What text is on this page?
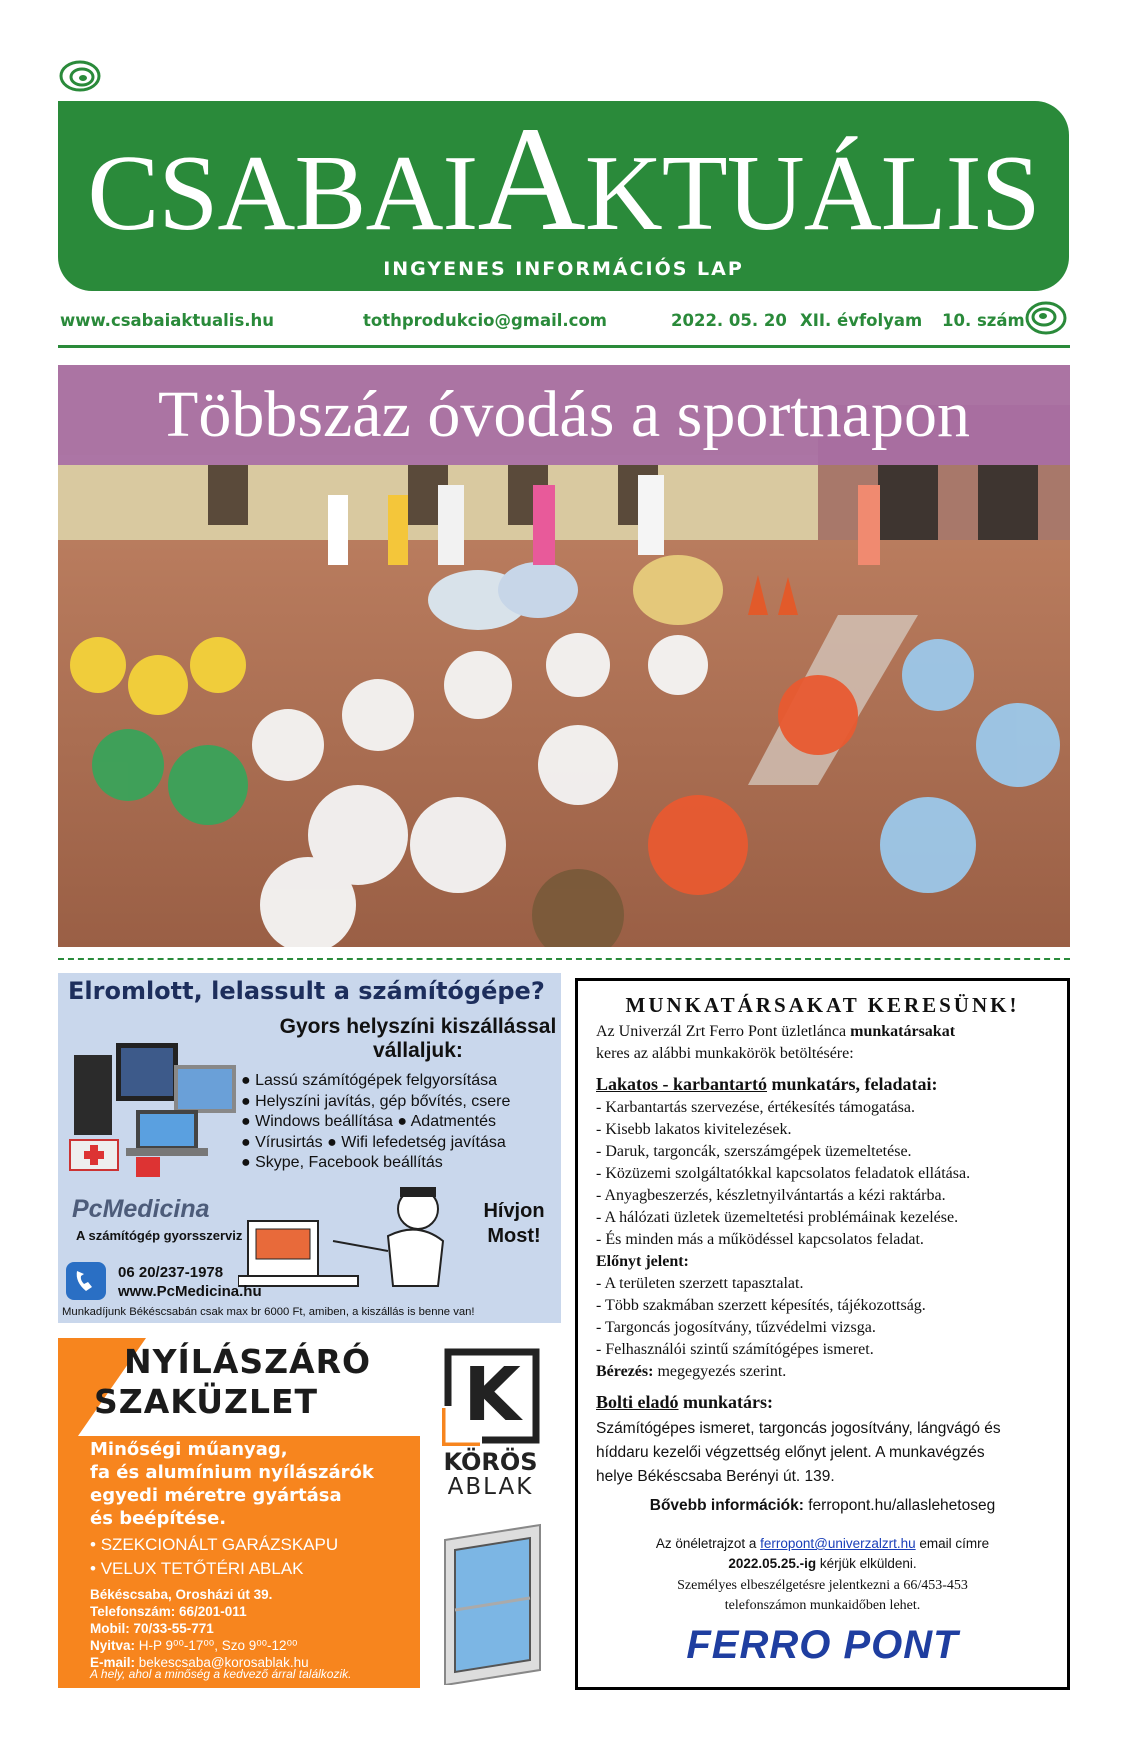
CSABAIAKTUÁLIS
INGYENES INFORMÁCIÓS LAP
www.csabaiaktualis.hu	tothprodukcio@gmail.com	2022. 05. 20 XII. évfolyam 10. szám
Többszáz óvodás a sportnapon
Elromlott, lelassult a számítógépe?
Gyors helyszíni kiszállással vállaljuk:
● Lassú számítógépek felgyorsítása
● Helyszíni javítás, gép bővítés, csere
● Windows beállítása ● Adatmentés
● Vírusirtás ● Wifi lefedetség javítása
● Skype, Facebook beállítás
PcMedicina
A számítógép gyorsszerviz
Hívjon
Most!
06 20/237-1978
www.PcMedicina.hu
Munkadíjunk Békéscsabán csak max br 6000 Ft, amiben, a kiszállás is benne van!
NYÍLÁSZÁRÓ
SZAKÜZLET	K
KÖRÖS
ABLAK
Minőségi műanyag,
fa és alumínium nyílászárók
egyedi méretre gyártása
és beépítése.
• SZEKCIONÁLT GARÁZSKAPU
• VELUX TETŐTÉRI ABLAK
Békéscsaba, Orosházi út 39.
Telefonszám: 66/201-011
Mobil: 70/33-55-771
Nyitva: H-P 9⁰⁰-17⁰⁰, Szo 9⁰⁰-12⁰⁰
E-mail: bekescsaba@korosablak.hu
A hely, ahol a minőség a kedvező árral találkozik.
MUNKATÁRSAKAT KERESÜNK!
Az Univerzál Zrt Ferro Pont üzletlánca munkatársakat
keres az alábbi munkakörök betöltésére:
Lakatos - karbantartó munkatárs, feladatai:
- Karbantartás szervezése, értékesítés támogatása.
- Kisebb lakatos kivitelezések.
- Daruk, targoncák, szerszámgépek üzemeltetése.
- Közüzemi szolgáltatókkal kapcsolatos feladatok ellátása.
- Anyagbeszerzés, készletnyilvántartás a kézi raktárba.
- A hálózati üzletek üzemeltetési problémáinak kezelése.
- És minden más a működéssel kapcsolatos feladat.
Előnyt jelent:
- A területen szerzett tapasztalat.
- Több szakmában szerzett képesítés, tájékozottság.
- Targoncás jogosítvány, tűzvédelmi vizsga.
- Felhasználói szintű számítógépes ismeret.
Bérezés: megegyezés szerint.
Bolti eladó munkatárs:
Számítógépes ismeret, targoncás jogosítvány, lángvágó és
híddaru kezelői végzettség előnyt jelent. A munkavégzés
helye Békéscsaba Berényi út. 139.
Bővebb információk: ferropont.hu/allaslehetoseg
Az önéletrajzot a ferropont@univerzalzrt.hu email címre
2022.05.25.-ig kérjük elküldeni.
Személyes elbeszélgetésre jelentkezni a 66/453-453
telefonszámon munkaidőben lehet.
FERRO PONT
